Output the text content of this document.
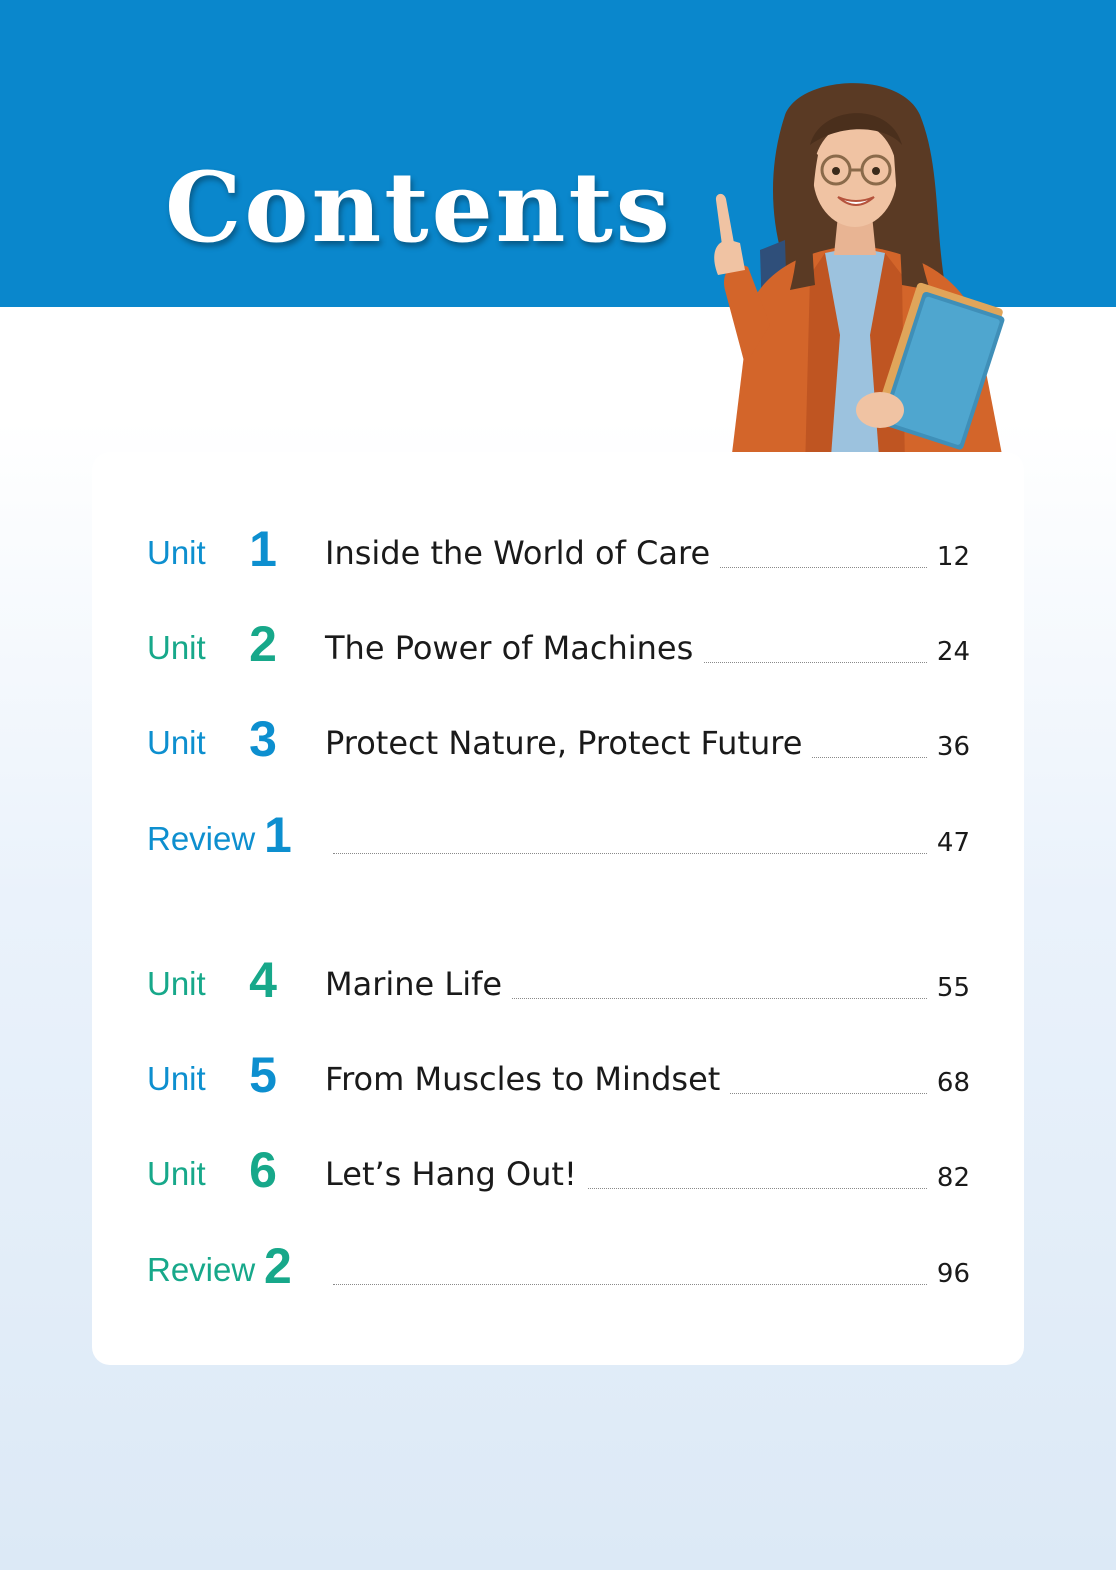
Contents
Unit 1 Inside the World of Care	12
Unit 2 The Power of Machines	24
Unit 3 Protect Nature, Protect Future	36
Review 1	47
Unit 4 Marine Life	55
Unit 5 From Muscles to Mindset	68
Unit 6 Let’s Hang Out!	82
Review 2	96
